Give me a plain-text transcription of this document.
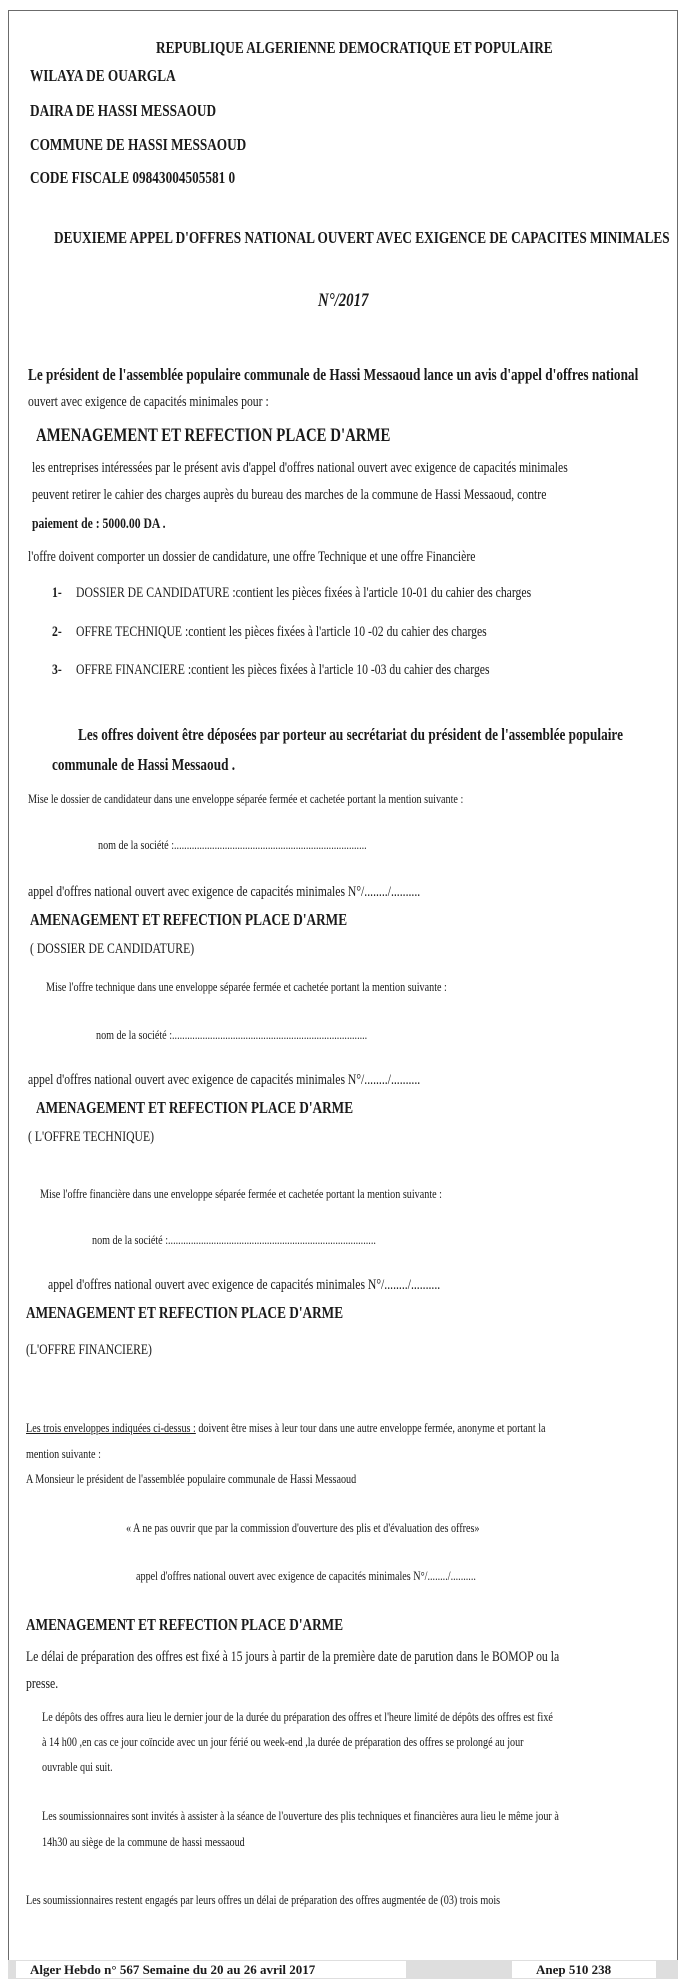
REPUBLIQUE ALGERIENNE DEMOCRATIQUE ET POPULAIRE
WILAYA DE OUARGLA
DAIRA DE HASSI MESSAOUD
COMMUNE DE HASSI MESSAOUD
CODE FISCALE 09843004505581 0
DEUXIEME APPEL D'OFFRES NATIONAL OUVERT AVEC EXIGENCE DE CAPACITES MINIMALES
N°/2017
Le président de l'assemblée populaire communale de Hassi Messaoud lance un avis d'appel d'offres national
ouvert avec exigence de capacités minimales pour :
AMENAGEMENT ET REFECTION PLACE D'ARME
les entreprises intéressées par le présent avis d'appel d'offres national ouvert avec exigence de capacités minimales
peuvent retirer le cahier des charges auprès du bureau des marches de la commune de Hassi Messaoud, contre
paiement de : 5000.00 DA .
l'offre doivent comporter un dossier de candidature, une offre Technique et une offre Financière
1- DOSSIER DE CANDIDATURE :contient les pièces fixées à l'article 10-01 du cahier des charges
2- OFFRE TECHNIQUE :contient les pièces fixées à l'article 10 -02 du cahier des charges
3- OFFRE FINANCIERE :contient les pièces fixées à l'article 10 -03 du cahier des charges
Les offres doivent être déposées par porteur au secrétariat du président de l'assemblée populaire
communale de Hassi Messaoud .
Mise le dossier de candidateur dans une enveloppe séparée fermée et cachetée portant la mention suivante :
nom de la société :............................................................................
appel d'offres national ouvert avec exigence de capacités minimales N°/......../..........
AMENAGEMENT ET REFECTION PLACE D'ARME
( DOSSIER DE CANDIDATURE)
Mise l'offre technique dans une enveloppe séparée fermée et cachetée portant la mention suivante :
nom de la société :.............................................................................
appel d'offres national ouvert avec exigence de capacités minimales N°/......../..........
AMENAGEMENT ET REFECTION PLACE D'ARME
( L'OFFRE TECHNIQUE)
Mise l'offre financière dans une enveloppe séparée fermée et cachetée portant la mention suivante :
nom de la société :..................................................................................
appel d'offres national ouvert avec exigence de capacités minimales N°/......../..........
AMENAGEMENT ET REFECTION PLACE D'ARME
(L'OFFRE FINANCIERE)
Les trois enveloppes indiquées ci-dessus : doivent être mises à leur tour dans une autre enveloppe fermée, anonyme et portant la
mention suivante :
A Monsieur le président de l'assemblée populaire communale de Hassi Messaoud
« A ne pas ouvrir que par la commission d'ouverture des plis et d'évaluation des offres»
appel d'offres national ouvert avec exigence de capacités minimales N°/......../..........
AMENAGEMENT ET REFECTION PLACE D'ARME
Le délai de préparation des offres est fixé à 15 jours à partir de la première date de parution dans le BOMOP ou la
presse.
Le dépôts des offres aura lieu le dernier jour de la durée du préparation des offres et l'heure limité de dépôts des offres est fixé
à 14 h00 ,en cas ce jour coïncide avec un jour férié ou week-end ,la durée de préparation des offres se prolongé au jour
ouvrable qui suit.
Les soumissionnaires sont invités à assister à la séance de l'ouverture des plis techniques et financières aura lieu le même jour à
14h30 au siège de la commune de hassi messaoud
Les soumissionnaires restent engagés par leurs offres un délai de préparation des offres augmentée de (03) trois mois
Alger Hebdo n° 567 Semaine du 20 au 26 avril 2017	Anep 510 238
